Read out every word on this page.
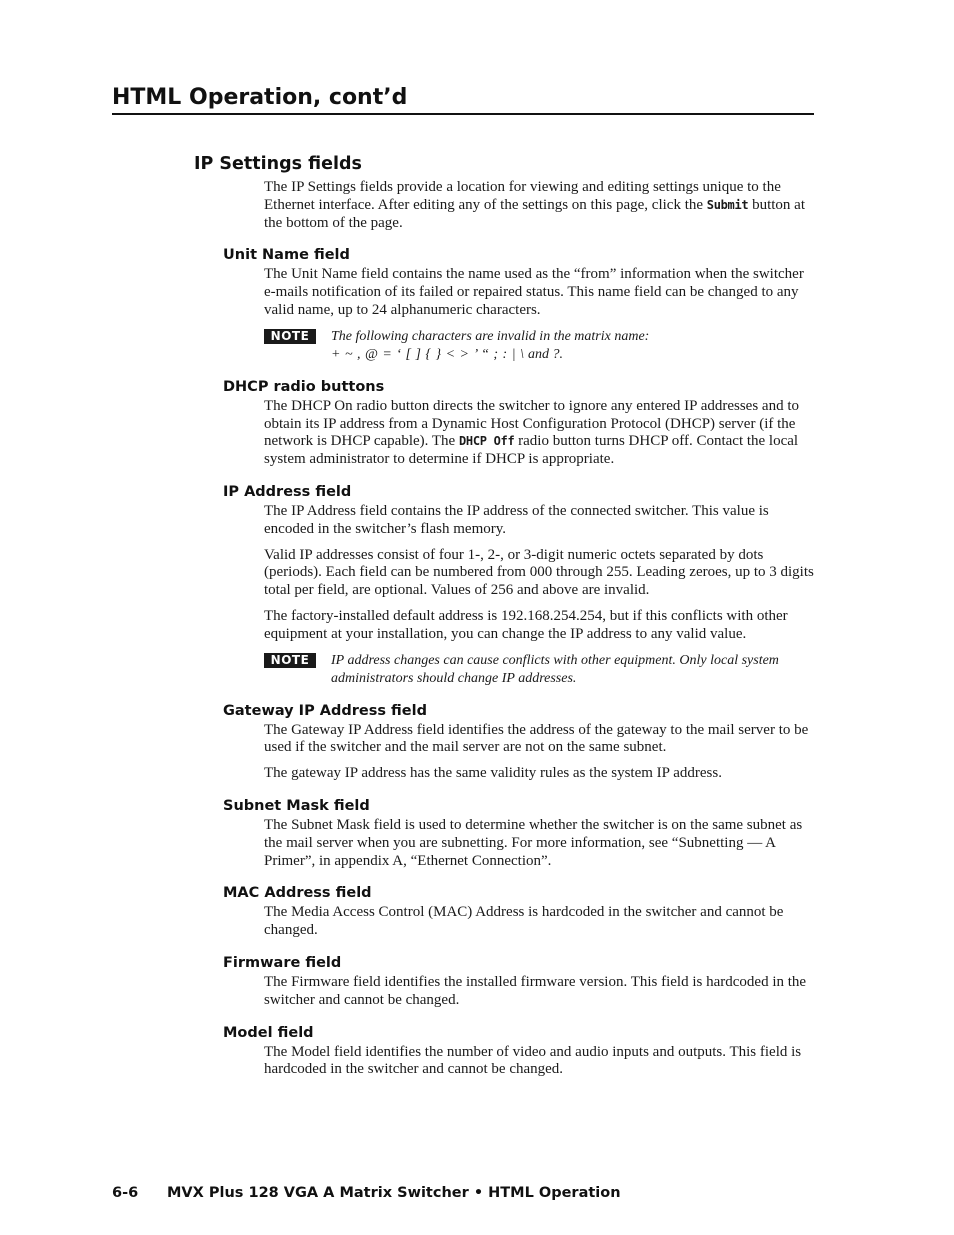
HTML Operation, cont’d
IP Settings fields

The IP Settings fields provide a location for viewing and editing settings unique to the Ethernet interface. After editing any of the settings on this page, click the Submit button at the bottom of the page.

Unit Name field

The Unit Name field contains the name used as the “from” information when the switcher e-mails notification of its failed or repaired status. This name field can be changed to any valid name, up to 24 alphanumeric characters.

NOTE	The following characters are invalid in the matrix name:
+ ~ , @ = ‘ [ ] { } < > ’ “ ; : | \ and ?.
DHCP radio buttons

The DHCP On radio button directs the switcher to ignore any entered IP addresses and to obtain its IP address from a Dynamic Host Configuration Protocol (DHCP) server (if the network is DHCP capable). The DHCP Off radio button turns DHCP off. Contact the local system administrator to determine if DHCP is appropriate.

IP Address field

The IP Address field contains the IP address of the connected switcher. This value is encoded in the switcher’s flash memory.

Valid IP addresses consist of four 1-, 2-, or 3-digit numeric octets separated by dots (periods). Each field can be numbered from 000 through 255. Leading zeroes, up to 3 digits total per field, are optional. Values of 256 and above are invalid.

The factory-installed default address is 192.168.254.254, but if this conflicts with other equipment at your installation, you can change the IP address to any valid value.

NOTE	IP address changes can cause conflicts with other equipment. Only local system administrators should change IP addresses.
Gateway IP Address field

The Gateway IP Address field identifies the address of the gateway to the mail server to be used if the switcher and the mail server are not on the same subnet.

The gateway IP address has the same validity rules as the system IP address.

Subnet Mask field

The Subnet Mask field is used to determine whether the switcher is on the same subnet as the mail server when you are subnetting. For more information, see “Subnetting — A Primer”, in appendix A, “Ethernet Connection”.

MAC Address field

The Media Access Control (MAC) Address is hardcoded in the switcher and cannot be changed.

Firmware field

The Firmware field identifies the installed firmware version. This field is hardcoded in the switcher and cannot be changed.

Model field

The Model field identifies the number of video and audio inputs and outputs. This field is hardcoded in the switcher and cannot be changed.

6-6 MVX Plus 128 VGA A Matrix Switcher • HTML Operation
